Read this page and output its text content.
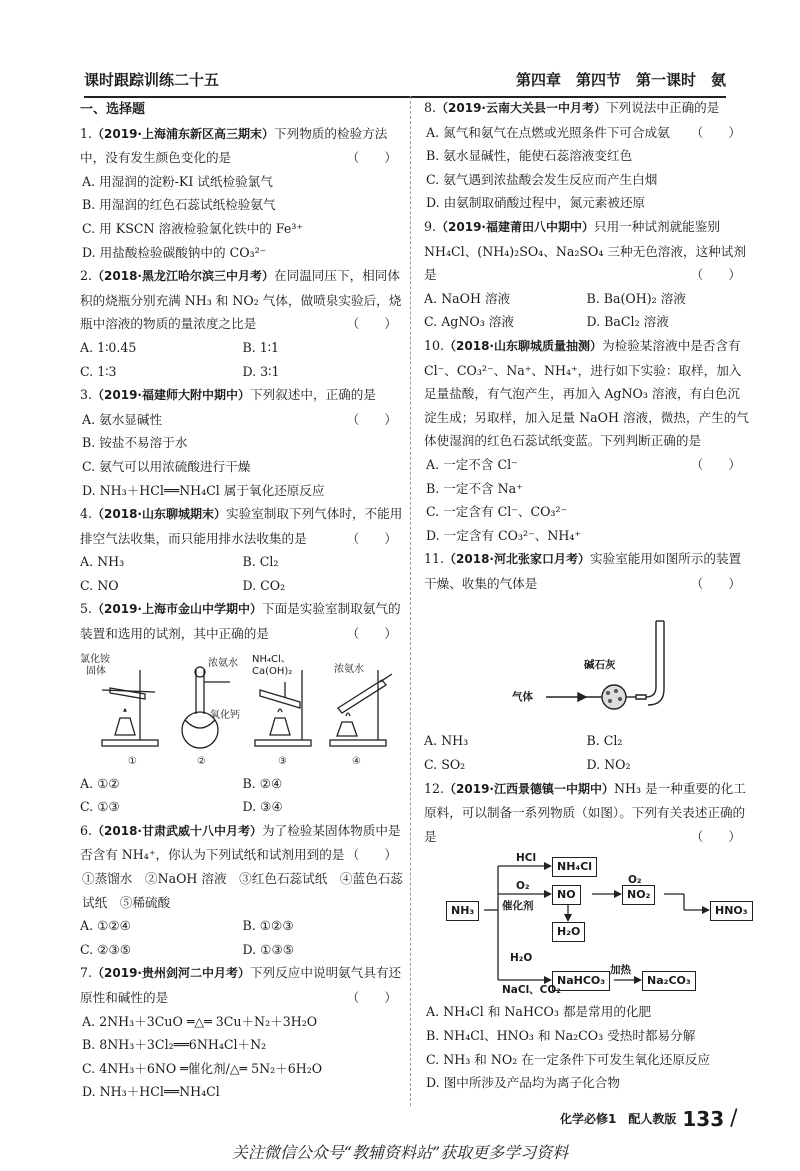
课时跟踪训练二十五	第四章　第四节　第一课时　氨
一、选择题
1.（2019·上海浦东新区高三期末）下列物质的检验方法中，没有发生颜色变化的是	（　　）
A. 用湿润的淀粉-KI 试纸检验氯气
B. 用湿润的红色石蕊试纸检验氨气
C. 用 KSCN 溶液检验氯化铁中的 Fe³⁺
D. 用盐酸检验碳酸钠中的 CO₃²⁻
2.（2018·黑龙江哈尔滨三中月考）在同温同压下，相同体积的烧瓶分别充满 NH₃ 和 NO₂ 气体，做喷泉实验后，烧瓶中溶液的物质的量浓度之比是	（　　）
A. 1∶0.45	B. 1∶1
C. 1∶3	D. 3∶1
3.（2019·福建师大附中期中）下列叙述中，正确的是
（　　）
A. 氨水显碱性
B. 铵盐不易溶于水
C. 氨气可以用浓硫酸进行干燥
D. NH₃＋HCl══NH₄Cl 属于氧化还原反应
4.（2018·山东聊城期末）实验室制取下列气体时，不能用排空气法收集，而只能用排水法收集的是	（　　）
A. NH₃	B. Cl₂
C. NO	D. CO₂
5.（2019·上海市金山中学期中）下面是实验室制取氨气的装置和选用的试剂，其中正确的是	（　　）
氯化铵
固体
浓氨水
氧化钙
NH₄Cl、
Ca(OH)₂	浓氨水
①	②	③	④
A. ①②	B. ②④
C. ①③	D. ③④
6.（2018·甘肃武威十八中月考）为了检验某固体物质中是否含有 NH₄⁺，你认为下列试纸和试剂用到的是 （　　）
①蒸馏水　②NaOH 溶液　③红色石蕊试纸　④蓝色石蕊试纸　⑤稀硫酸
A. ①②④	B. ①②③
C. ②③⑤	D. ①③⑤
7.（2019·贵州剑河二中月考）下列反应中说明氨气具有还原性和碱性的是	（　　）
A. 2NH₃＋3CuO ═△═ 3Cu＋N₂＋3H₂O
B. 8NH₃＋3Cl₂══6NH₄Cl＋N₂
C. 4NH₃＋6NO ═催化剂/△═ 5N₂＋6H₂O
D. NH₃＋HCl══NH₄Cl
8.（2019·云南大关县一中月考）下列说法中正确的是
（　　）
A. 氮气和氨气在点燃或光照条件下可合成氨
B. 氨水显碱性，能使石蕊溶液变红色
C. 氨气遇到浓盐酸会发生反应而产生白烟
D. 由氨制取硝酸过程中，氮元素被还原
9.（2019·福建莆田八中期中）只用一种试剂就能鉴别 NH₄Cl、(NH₄)₂SO₄、Na₂SO₄ 三种无色溶液，这种试剂是	（　　）
A. NaOH 溶液	B. Ba(OH)₂ 溶液
C. AgNO₃ 溶液	D. BaCl₂ 溶液
10.（2018·山东聊城质量抽测）为检验某溶液中是否含有 Cl⁻、CO₃²⁻、Na⁺、NH₄⁺，进行如下实验：取样，加入足量盐酸，有气泡产生，再加入 AgNO₃ 溶液，有白色沉淀生成；另取样，加入足量 NaOH 溶液，微热，产生的气体使湿润的红色石蕊试纸变蓝。下列判断正确的是
（　　）
A. 一定不含 Cl⁻
B. 一定不含 Na⁺
C. 一定含有 Cl⁻、CO₃²⁻
D. 一定含有 CO₃²⁻、NH₄⁺
11.（2018·河北张家口月考）实验室能用如图所示的装置干燥、收集的气体是	（　　）
碱石灰
气体
A. NH₃	B. Cl₂
C. SO₂	D. NO₂
12.（2019·江西景德镇一中期中）NH₃ 是一种重要的化工原料，可以制备一系列物质（如图）。下列有关表述正确的是	（　　）
NH₃
NH₄Cl
NO	NO₂
HNO₃
H₂O
NaHCO₃	Na₂CO₃
HCl
O₂	O₂
催化剂
H₂O
NaCl、CO₂
加热
A. NH₄Cl 和 NaHCO₃ 都是常用的化肥
B. NH₄Cl、HNO₃ 和 Na₂CO₃ 受热时都易分解
C. NH₃ 和 NO₂ 在一定条件下可发生氧化还原反应
D. 图中所涉及产品均为离子化合物
化学必修1　配人教版 133 /
关注微信公众号“教辅资料站”获取更多学习资料
